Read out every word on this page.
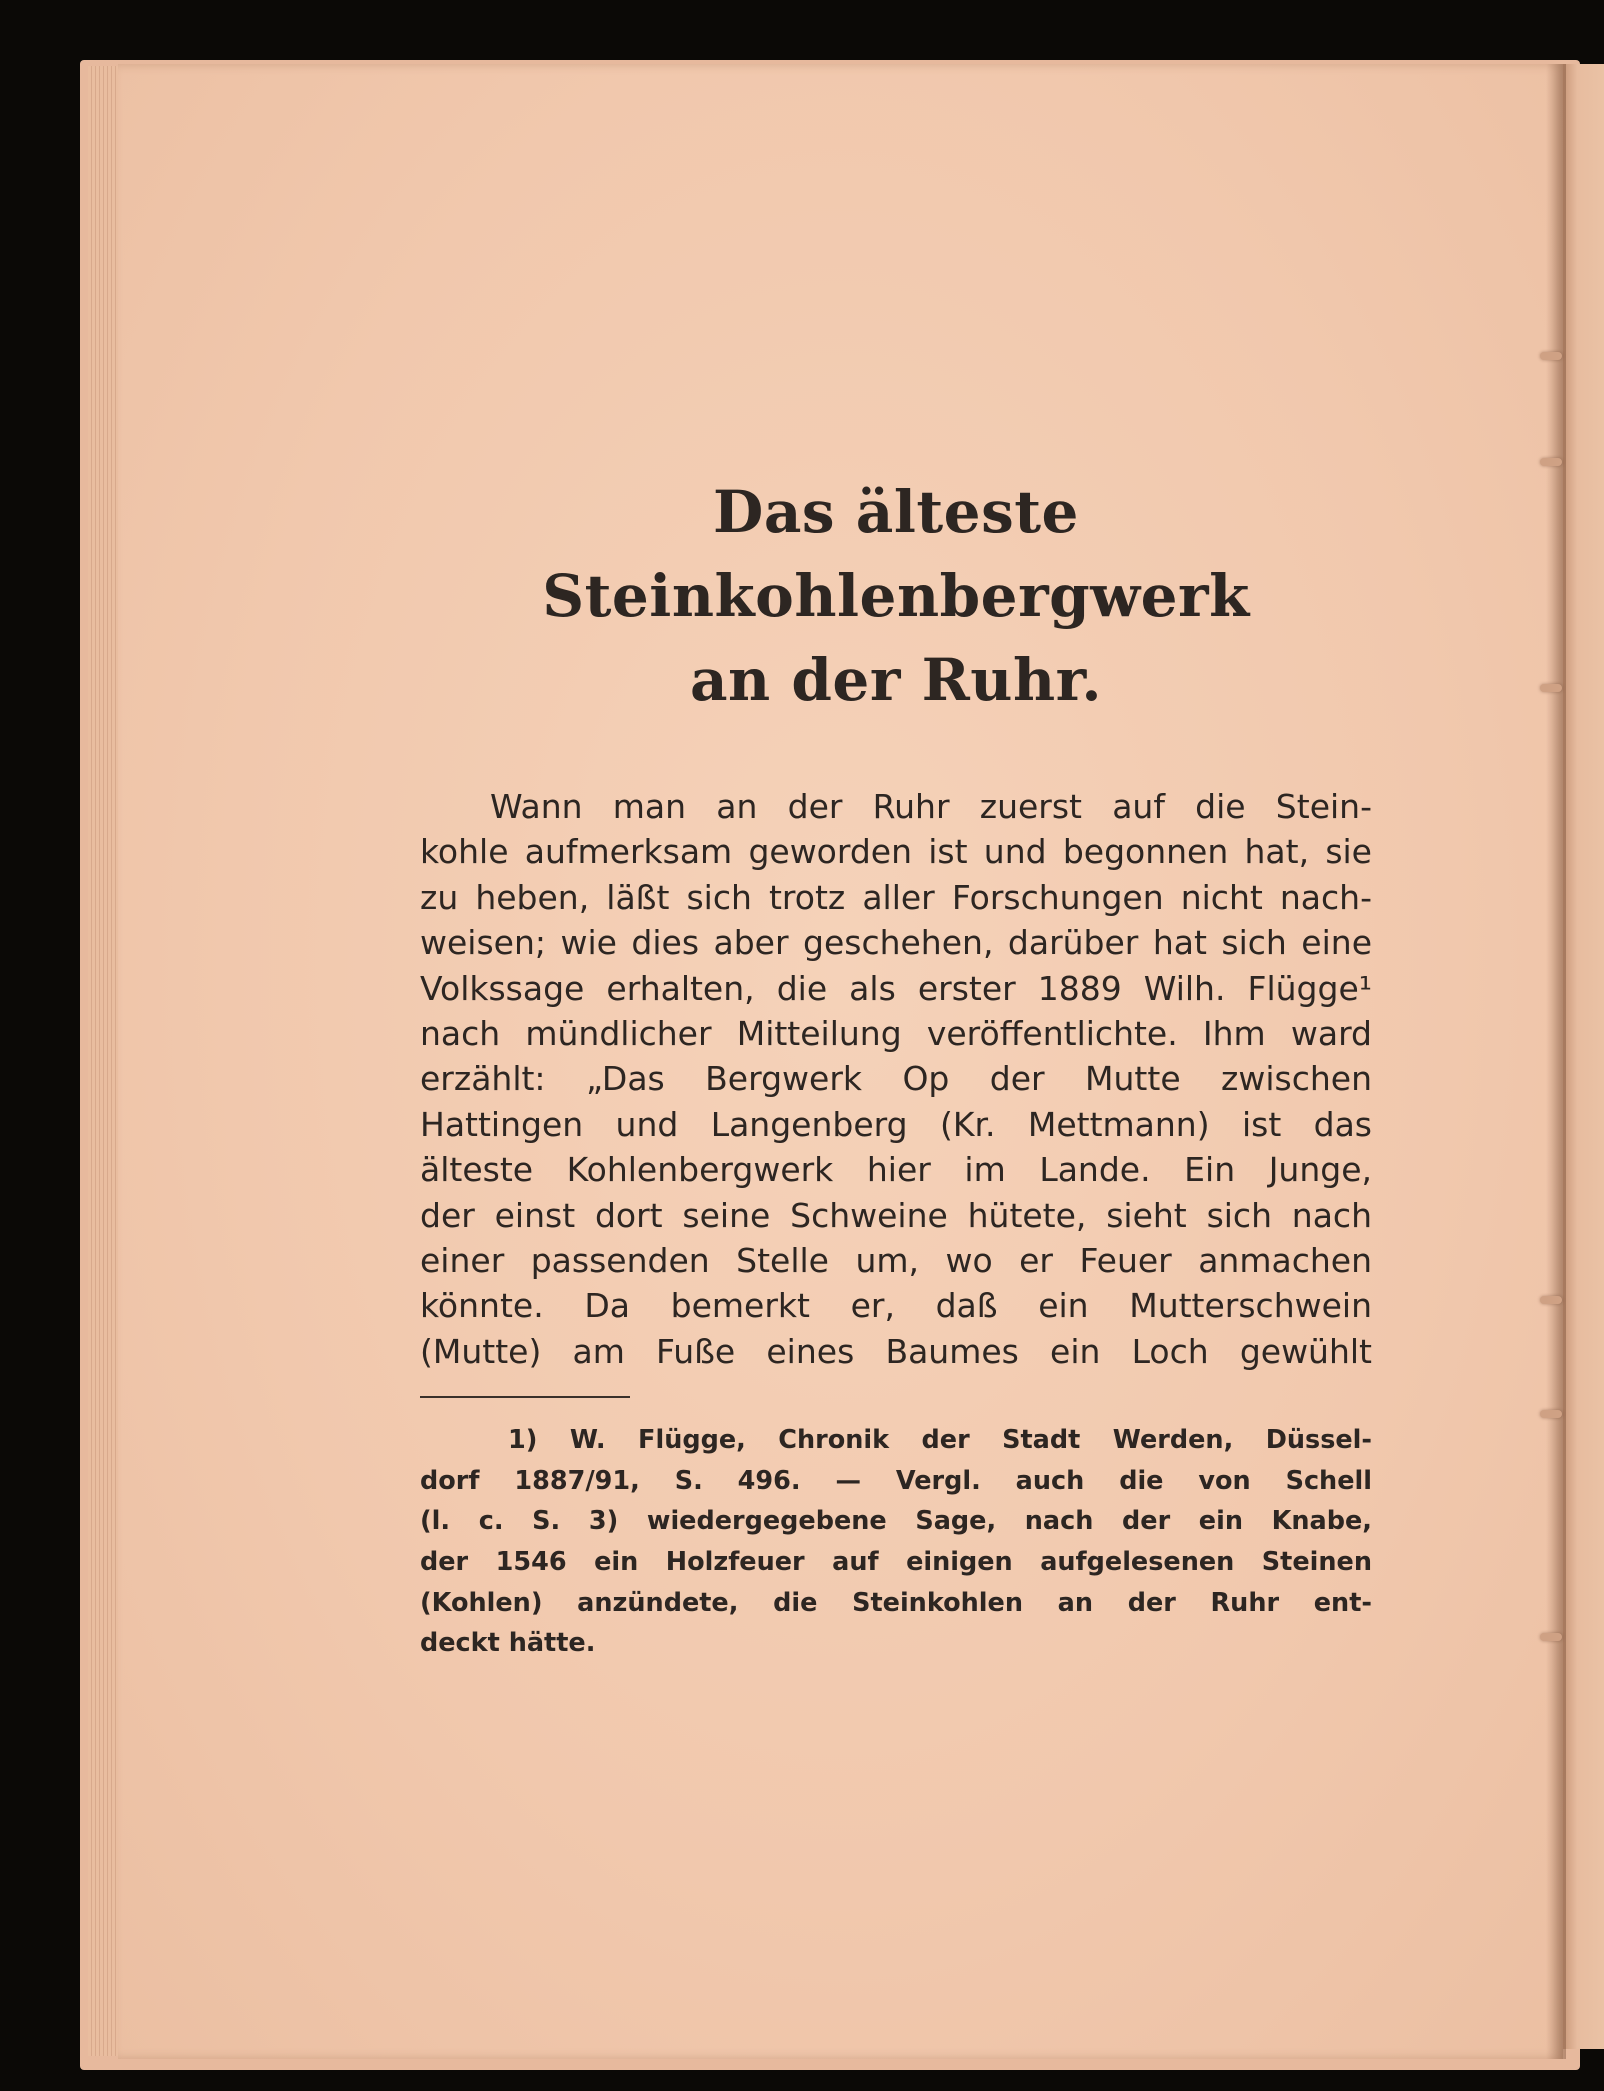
Das älteste Steinkohlenbergwerk
an der Ruhr.
Wann man an der Ruhr zuerst auf die Stein-
kohle aufmerksam geworden ist und begonnen hat, sie
zu heben, läßt sich trotz aller Forschungen nicht nach-
weisen; wie dies aber geschehen, darüber hat sich eine
Volkssage erhalten, die als erster 1889 Wilh. Flügge¹
nach mündlicher Mitteilung veröffentlichte. Ihm ward
erzählt: „Das Bergwerk Op der Mutte zwischen
Hattingen und Langenberg (Kr. Mettmann) ist das
älteste Kohlenbergwerk hier im Lande. Ein Junge,
der einst dort seine Schweine hütete, sieht sich nach
einer passenden Stelle um, wo er Feuer anmachen
könnte. Da bemerkt er, daß ein Mutterschwein
(Mutte) am Fuße eines Baumes ein Loch gewühlt
1) W. Flügge, Chronik der Stadt Werden, Düssel-
dorf 1887/91, S. 496. — Vergl. auch die von Schell
(l. c. S. 3) wiedergegebene Sage, nach der ein Knabe,
der 1546 ein Holzfeuer auf einigen aufgelesenen Steinen
(Kohlen) anzündete, die Steinkohlen an der Ruhr ent-
deckt hätte.
